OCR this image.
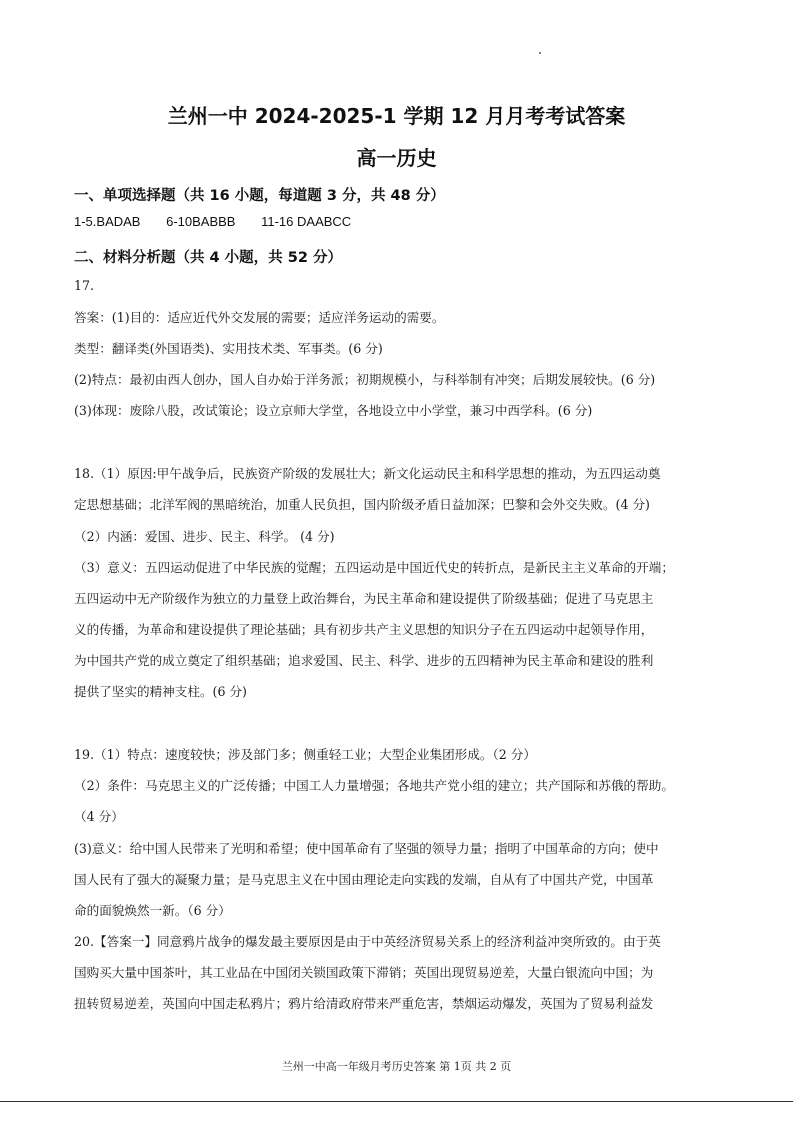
兰州一中 2024-2025-1 学期 12 月月考考试答案
高一历史
一、单项选择题（共 16 小题，每道题 3 分，共 48 分）
1-5.BADAB 6-10BABBB 11-16 DAABCC
二、材料分析题（共 4 小题，共 52 分）
17.
答案：(1)目的：适应近代外交发展的需要；适应洋务运动的需要。
类型：翻译类(外国语类)、实用技术类、军事类。(6 分)
(2)特点：最初由西人创办，国人自办始于洋务派；初期规模小，与科举制有冲突；后期发展较快。(6 分)
(3)体现：废除八股，改试策论；设立京师大学堂，各地设立中小学堂，兼习中西学科。(6 分)
18.（1）原因:甲午战争后，民族资产阶级的发展壮大；新文化运动民主和科学思想的推动，为五四运动奠
定思想基础；北洋军阀的黑暗统治，加重人民负担，国内阶级矛盾日益加深；巴黎和会外交失败。(4 分)
（2）内涵：爱国、进步、民主、科学。 (4 分)
（3）意义：五四运动促进了中华民族的觉醒；五四运动是中国近代史的转折点，是新民主主义革命的开端；
五四运动中无产阶级作为独立的力量登上政治舞台，为民主革命和建设提供了阶级基础；促进了马克思主
义的传播，为革命和建设提供了理论基础；具有初步共产主义思想的知识分子在五四运动中起领导作用，
为中国共产党的成立奠定了组织基础；追求爱国、民主、科学、进步的五四精神为民主革命和建设的胜利
提供了坚实的精神支柱。(6 分)
19.（1）特点：速度较快；涉及部门多；侧重轻工业；大型企业集团形成。（2 分）
（2）条件：马克思主义的广泛传播；中国工人力量增强；各地共产党小组的建立；共产国际和苏俄的帮助。
（4 分）
(3)意义：给中国人民带来了光明和希望；使中国革命有了坚强的领导力量；指明了中国革命的方向；使中
国人民有了强大的凝聚力量；是马克思主义在中国由理论走向实践的发端，自从有了中国共产党，中国革
命的面貌焕然一新。（6 分）
20.【答案一】同意鸦片战争的爆发最主要原因是由于中英经济贸易关系上的经济利益冲突所致的。由于英
国购买大量中国茶叶，其工业品在中国闭关锁国政策下滞销；英国出现贸易逆差，大量白银流向中国；为
扭转贸易逆差，英国向中国走私鸦片；鸦片给清政府带来严重危害，禁烟运动爆发，英国为了贸易利益发
兰州一中高一年级月考历史答案 第 1页 共 2 页
